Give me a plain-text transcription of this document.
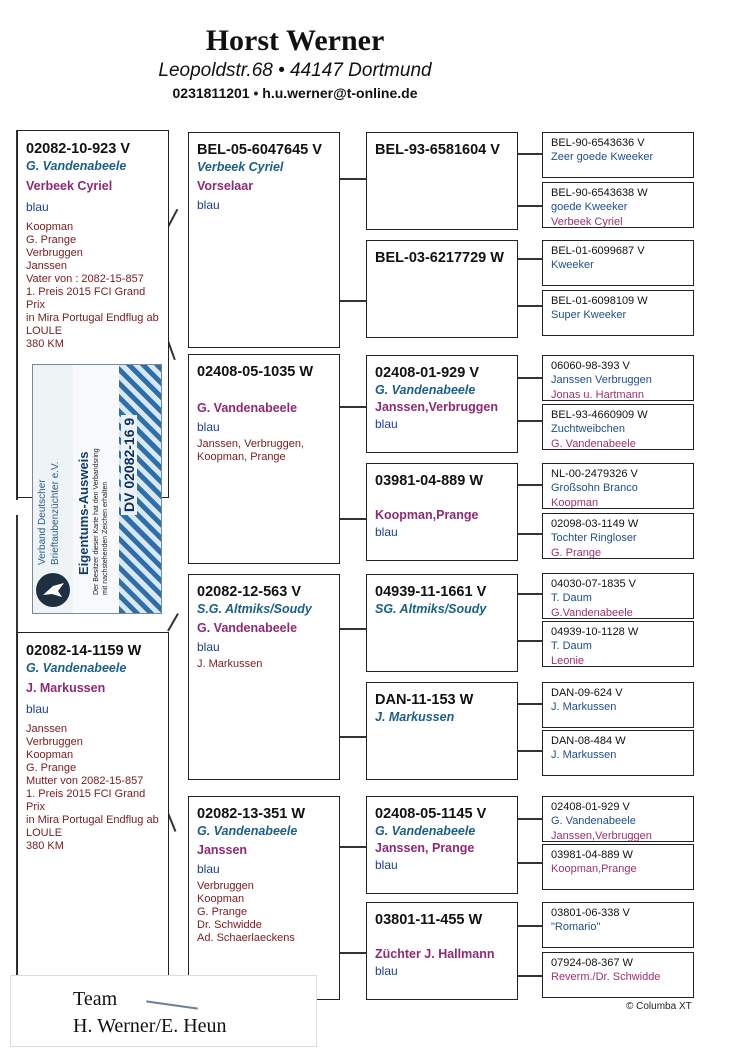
Horst Werner
Leopoldstr.68 • 44147 Dortmund
0231811201 • h.u.werner@t-online.de
02082-10-923 V
G. Vandenabeele
Verbeek Cyriel
blau
Koopman
G. Prange
Verbruggen
Janssen
Vater von : 2082-15-857
1. Preis 2015 FCI Grand
Prix
in Mira Portugal Endflug ab
LOULE
380 KM
02082-14-1159 W
G. Vandenabeele
J. Markussen
blau
Janssen
Verbruggen
Koopman
G. Prange
Mutter von 2082-15-857
1. Preis 2015 FCI Grand
Prix
in Mira Portugal Endflug ab
LOULE
380 KM
Verband Deutscher Brieftaubenzüchter e.V. Eigentums-Ausweis Der Besitzer dieser Karte hat den Verbandsring mit nachstehenden Zeichen erhalten
DV 02082-16 9
BEL-05-6047645 V
Verbeek Cyriel
Vorselaar
blau
02408-05-1035 W
G. Vandenabeele
blau
Janssen, Verbruggen,
Koopman, Prange
02082-12-563 V
S.G. Altmiks/Soudy
G. Vandenabeele
blau
J. Markussen
02082-13-351 W
G. Vandenabeele
Janssen
blau
Verbruggen
Koopman
G. Prange
Dr. Schwidde
Ad. Schaerlaeckens
BEL-93-6581604 V
BEL-03-6217729 W
02408-01-929 V
G. Vandenabeele
Janssen,Verbruggen
blau
03981-04-889 W
Koopman,Prange
blau
04939-11-1661 V
SG. Altmiks/Soudy
DAN-11-153 W
J. Markussen
02408-05-1145 V
G. Vandenabeele
Janssen, Prange
blau
03801-11-455 W
Züchter J. Hallmann
blau
BEL-90-6543636 V
Zeer goede Kweeker
BEL-90-6543638 W
goede Kweeker
Verbeek Cyriel
BEL-01-6099687 V
Kweeker
BEL-01-6098109 W
Super Kweeker
06060-98-393 V
Janssen Verbruggen
Jonas u. Hartmann
BEL-93-4660909 W
Zuchtweibchen
G. Vandenabeele
NL-00-2479326 V
Großsohn Branco
Koopman
02098-03-1149 W
Tochter Ringloser
G. Prange
04030-07-1835 V
T. Daum
G.Vandenabeele
04939-10-1128 W
T. Daum
Leonie
DAN-09-624 V
J. Markussen
DAN-08-484 W
J. Markussen
02408-01-929 V
G. Vandenabeele
Janssen,Verbruggen
03981-04-889 W
Koopman,Prange
03801-06-338 V
"Romario"
07924-08-367 W
Reverm./Dr. Schwidde
Team
H. Werner/E. Heun
© Columba XT
